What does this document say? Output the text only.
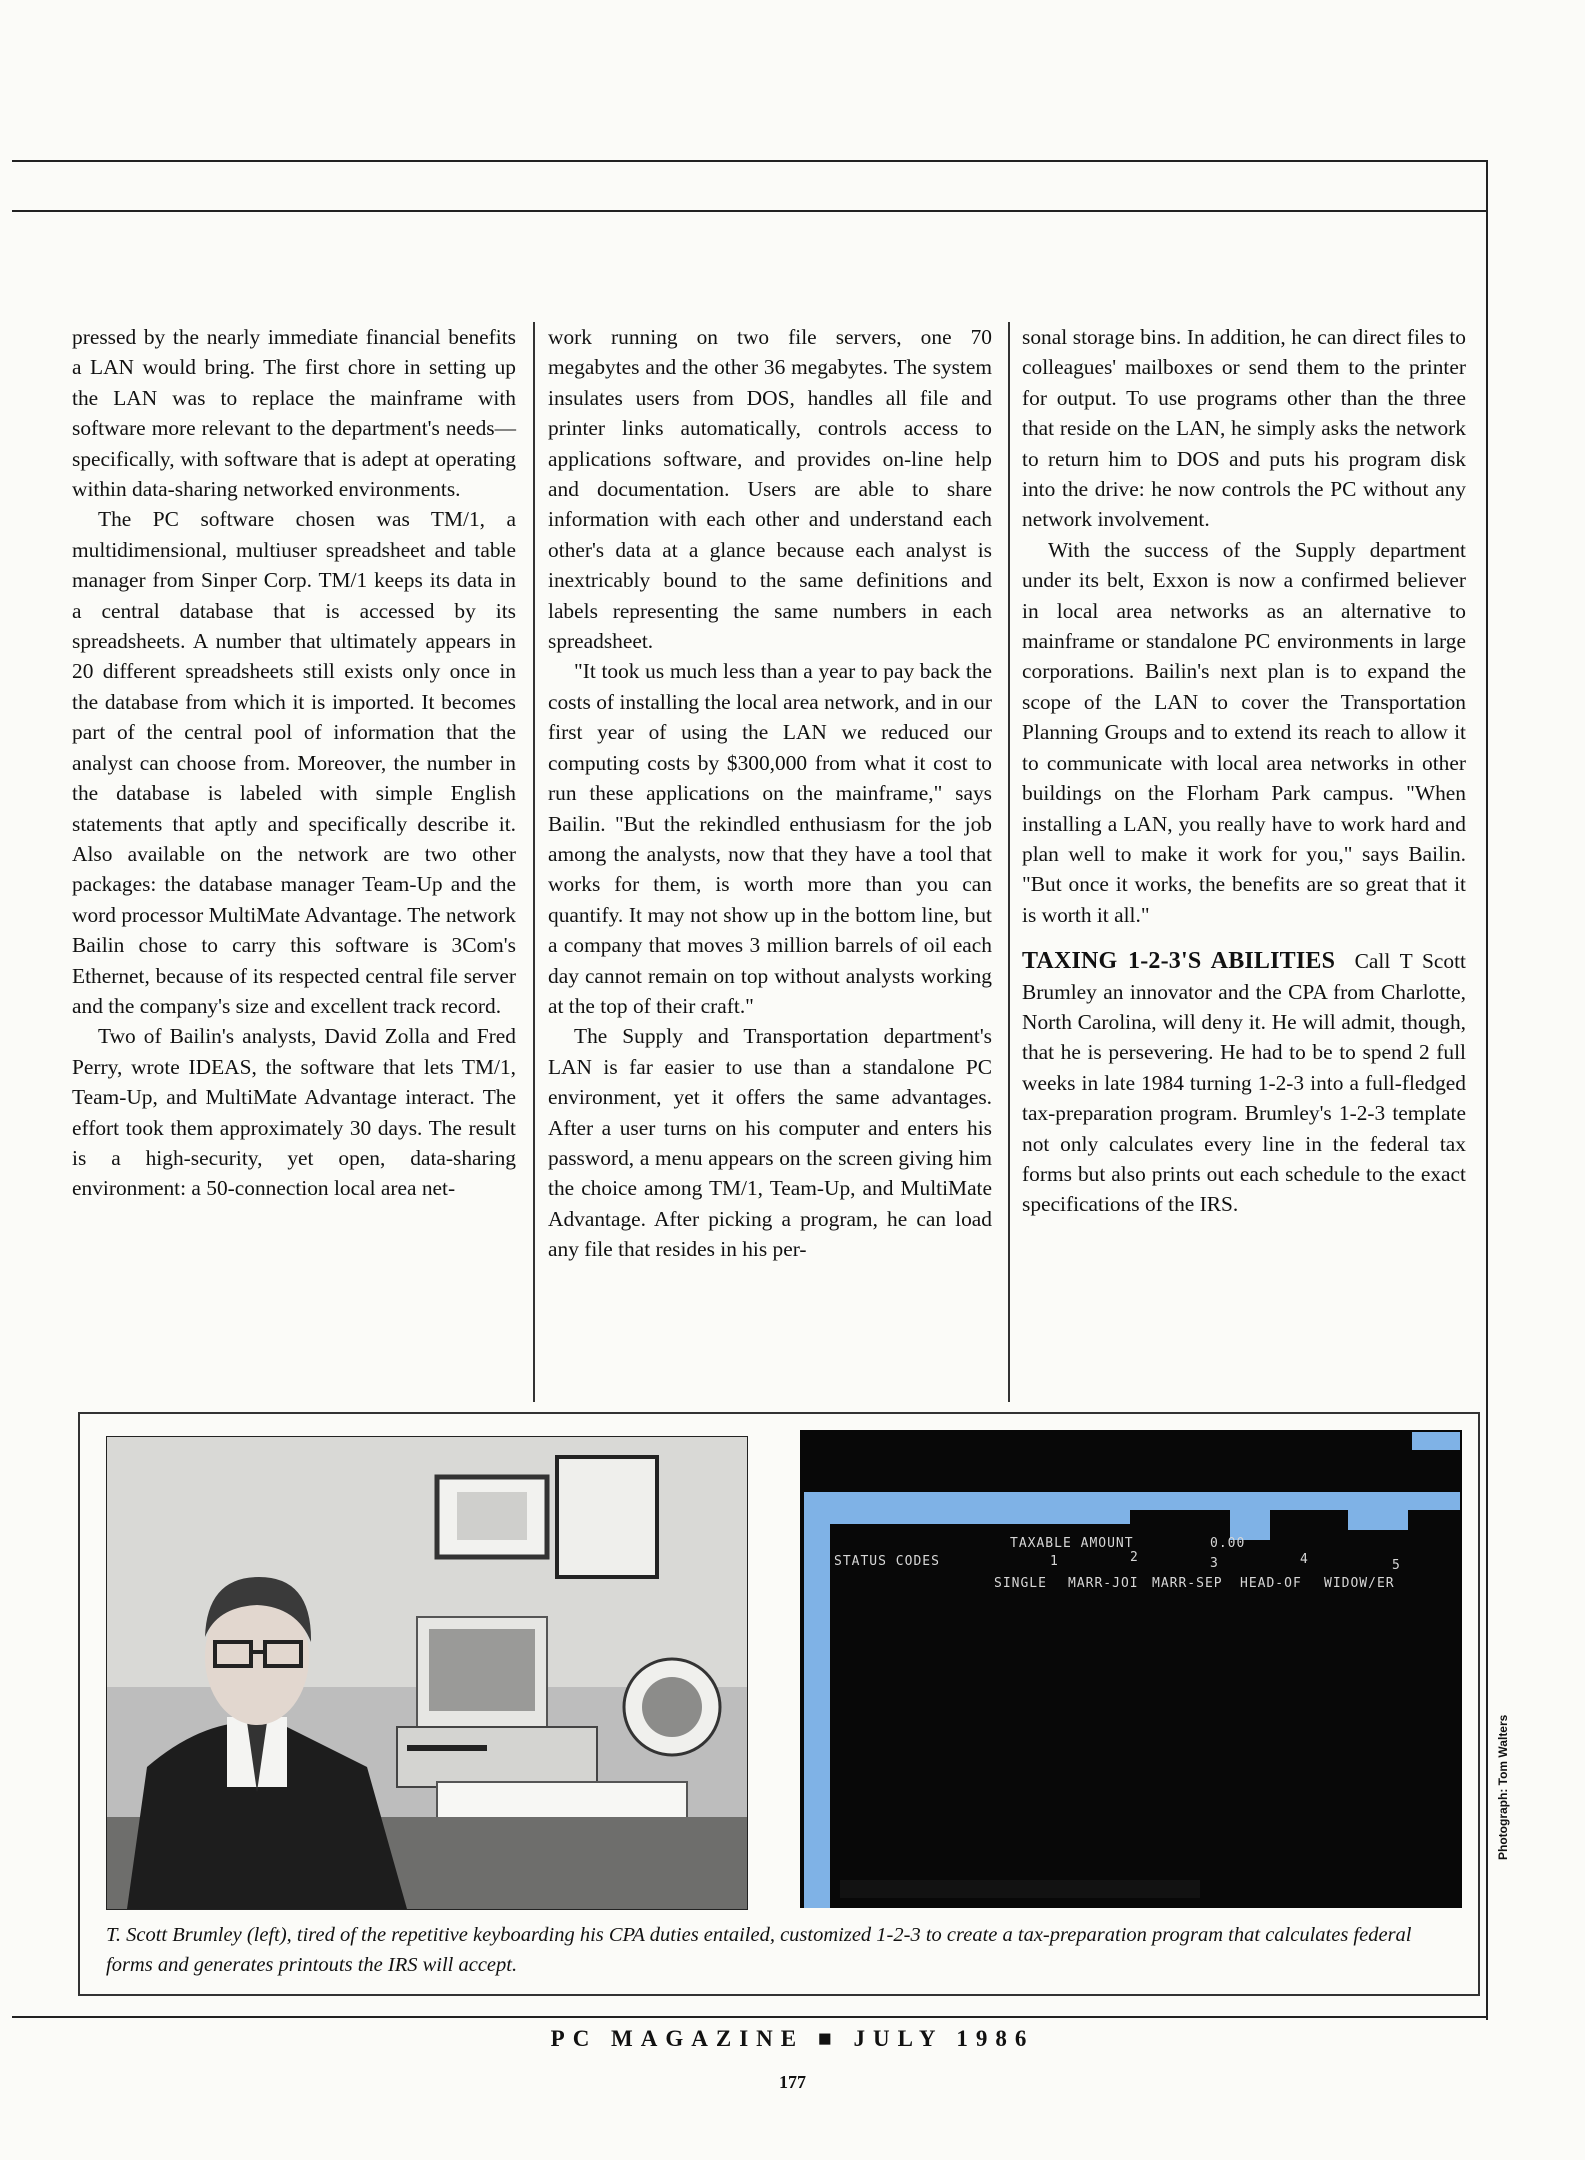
pressed by the nearly immediate financial benefits a LAN would bring. The first chore in setting up the LAN was to replace the mainframe with software more relevant to the department's needs—specifically, with software that is adept at operating within data-sharing networked environments.

The PC software chosen was TM/1, a multidimensional, multiuser spreadsheet and table manager from Sinper Corp. TM/1 keeps its data in a central database that is accessed by its spreadsheets. A number that ultimately appears in 20 different spreadsheets still exists only once in the database from which it is imported. It becomes part of the central pool of information that the analyst can choose from. Moreover, the number in the database is labeled with simple English statements that aptly and specifically describe it. Also available on the network are two other packages: the database manager Team-Up and the word processor MultiMate Advantage. The network Bailin chose to carry this software is 3Com's Ethernet, because of its respected central file server and the company's size and excellent track record.

Two of Bailin's analysts, David Zolla and Fred Perry, wrote IDEAS, the software that lets TM/1, Team-Up, and MultiMate Advantage interact. The effort took them approximately 30 days. The result is a high-security, yet open, data-sharing environment: a 50-connection local area net-

work running on two file servers, one 70 megabytes and the other 36 megabytes. The system insulates users from DOS, handles all file and printer links automatically, controls access to applications software, and provides on-line help and documentation. Users are able to share information with each other and understand each other's data at a glance because each analyst is inextricably bound to the same definitions and labels representing the same numbers in each spreadsheet.

"It took us much less than a year to pay back the costs of installing the local area network, and in our first year of using the LAN we reduced our computing costs by $300,000 from what it cost to run these applications on the mainframe," says Bailin. "But the rekindled enthusiasm for the job among the analysts, now that they have a tool that works for them, is worth more than you can quantify. It may not show up in the bottom line, but a company that moves 3 million barrels of oil each day cannot remain on top without analysts working at the top of their craft."

The Supply and Transportation department's LAN is far easier to use than a standalone PC environment, yet it offers the same advantages. After a user turns on his computer and enters his password, a menu appears on the screen giving him the choice among TM/1, Team-Up, and MultiMate Advantage. After picking a program, he can load any file that resides in his per-

sonal storage bins. In addition, he can direct files to colleagues' mailboxes or send them to the printer for output. To use programs other than the three that reside on the LAN, he simply asks the network to return him to DOS and puts his program disk into the drive: he now controls the PC without any network involvement.

With the success of the Supply department under its belt, Exxon is now a confirmed believer in local area networks as an alternative to mainframe or standalone PC environments in large corporations. Bailin's next plan is to expand the scope of the LAN to cover the Transportation Planning Groups and to extend its reach to allow it to communicate with local area networks in other buildings on the Florham Park campus. "When installing a LAN, you really have to work hard and plan well to make it work for you," says Bailin. "But once it works, the benefits are so great that it is worth it all."

TAXING 1-2-3'S ABILITIES Call T Scott Brumley an innovator and the CPA from Charlotte, North Carolina, will deny it. He will admit, though, that he is persevering. He had to be to spend 2 full weeks in late 1984 turning 1-2-3 into a full-fledged tax-preparation program. Brumley's 1-2-3 template not only calculates every line in the federal tax forms but also prints out each schedule to the exact specifications of the IRS.

TAXABLE AMOUNT	0.00
STATUS CODES	1	2	3	4	5
SINGLE MARR-JOI MARR-SEP HEAD-OF WIDOW/ER
T. Scott Brumley (left), tired of the repetitive keyboarding his CPA duties entailed, customized 1-2-3 to create a tax-preparation program that calculates federal forms and generates printouts the IRS will accept.
Photograph: Tom Walters
PC MAGAZINE ■ JULY 1986
177
